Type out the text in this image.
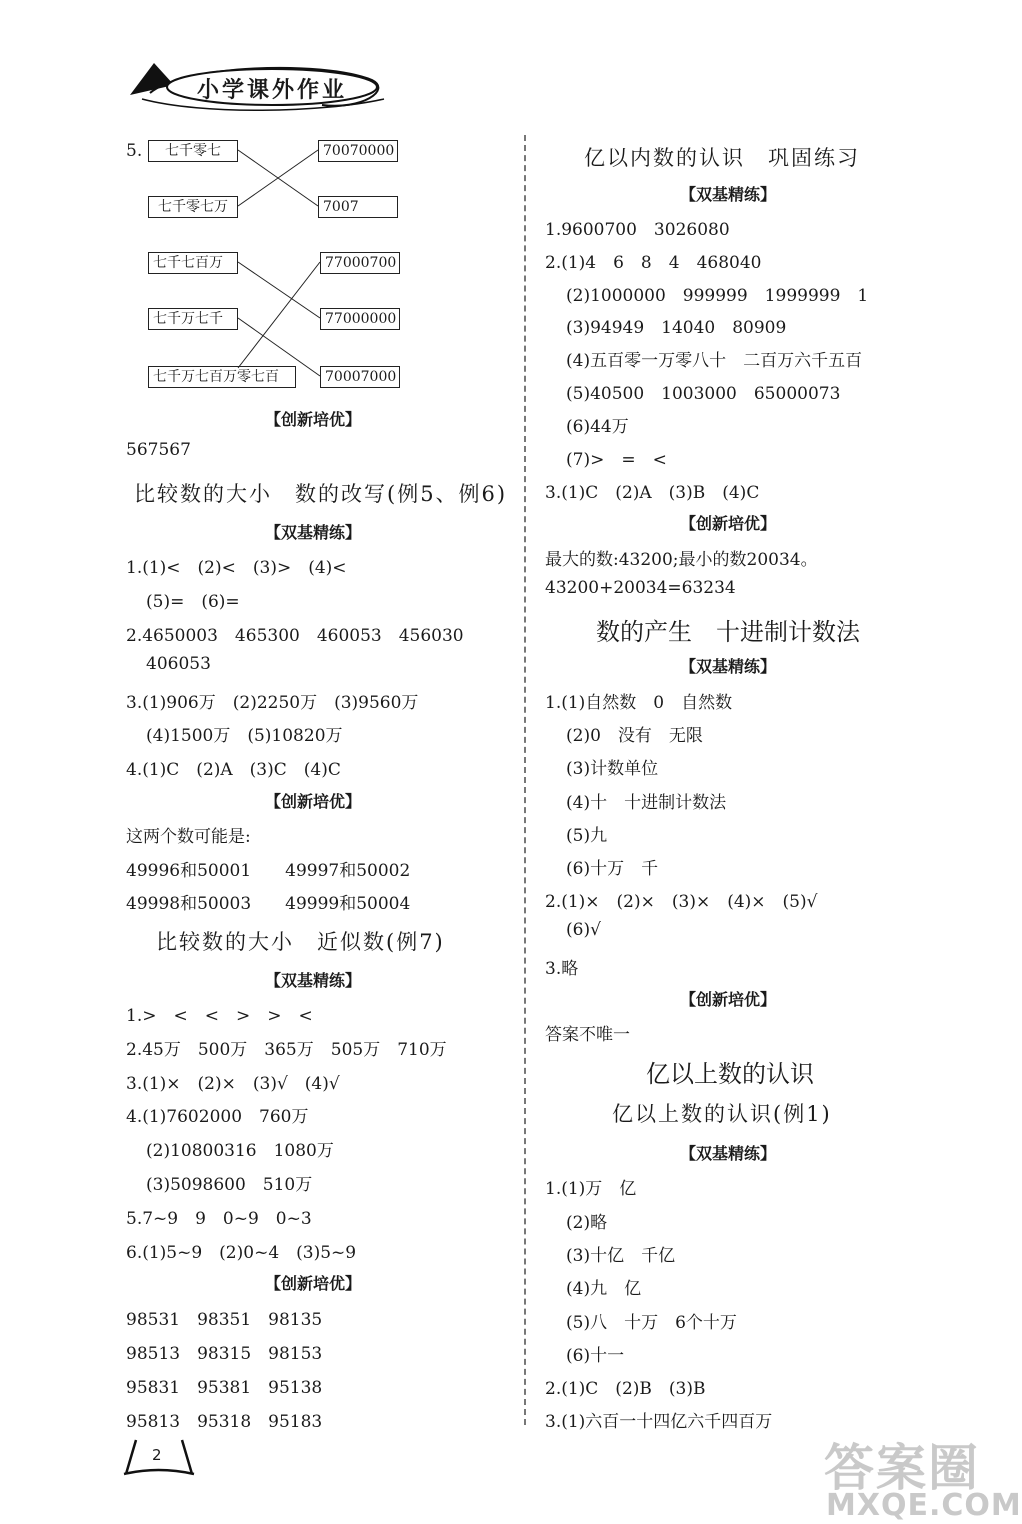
小学课外作业
5.	七千零七
七千零七万
70070000
7007
七千七百万
七千万七千
七千万七百万零七百
77000700
77000000
70007000
【创新培优】
567567
比较数的大小　数的改写(例5、例6)
【双基精练】
1.(1)<　(2)<　(3)>　(4)<
(5)=　(6)=
2.4650003　465300　460053　456030
406053
3.(1)906万　(2)2250万　(3)9560万
(4)1500万　(5)10820万
4.(1)C　(2)A　(3)C　(4)C
【创新培优】
这两个数可能是:
49996和50001　　49997和50002
49998和50003　　49999和50004
比较数的大小　近似数(例7)
【双基精练】
1.>　<　<　>　>　<
2.45万　500万　365万　505万　710万
3.(1)×　(2)×　(3)√　(4)√
4.(1)7602000　760万
(2)10800316　1080万
(3)5098600　510万
5.7~9　9　0~9　0~3
6.(1)5~9　(2)0~4　(3)5~9
【创新培优】
98531　98351　98135
98513　98315　98153
95831　95381　95138
95813　95318　95183
亿以内数的认识　巩固练习
【双基精练】
1.9600700　3026080
2.(1)4　6　8　4　468040
(2)1000000　999999　1999999　1
(3)94949　14040　80909
(4)五百零一万零八十　二百万六千五百
(5)40500　1003000　65000073
(6)44万
(7)>　=　<
3.(1)C　(2)A　(3)B　(4)C
【创新培优】
最大的数:43200;最小的数20034。
43200+20034=63234
数的产生　十进制计数法
【双基精练】
1.(1)自然数　0　自然数
(2)0　没有　无限
(3)计数单位
(4)十　十进制计数法
(5)九
(6)十万　千
2.(1)×　(2)×　(3)×　(4)×　(5)√
(6)√
3.略
【创新培优】
答案不唯一
亿以上数的认识
亿以上数的认识(例1)
【双基精练】
1.(1)万　亿
(2)略
(3)十亿　千亿
(4)九　亿
(5)八　十万　6个十万
(6)十一
2.(1)C　(2)B　(3)B
3.(1)六百一十四亿六千四百万
2	答案圈
MXQE.COM
